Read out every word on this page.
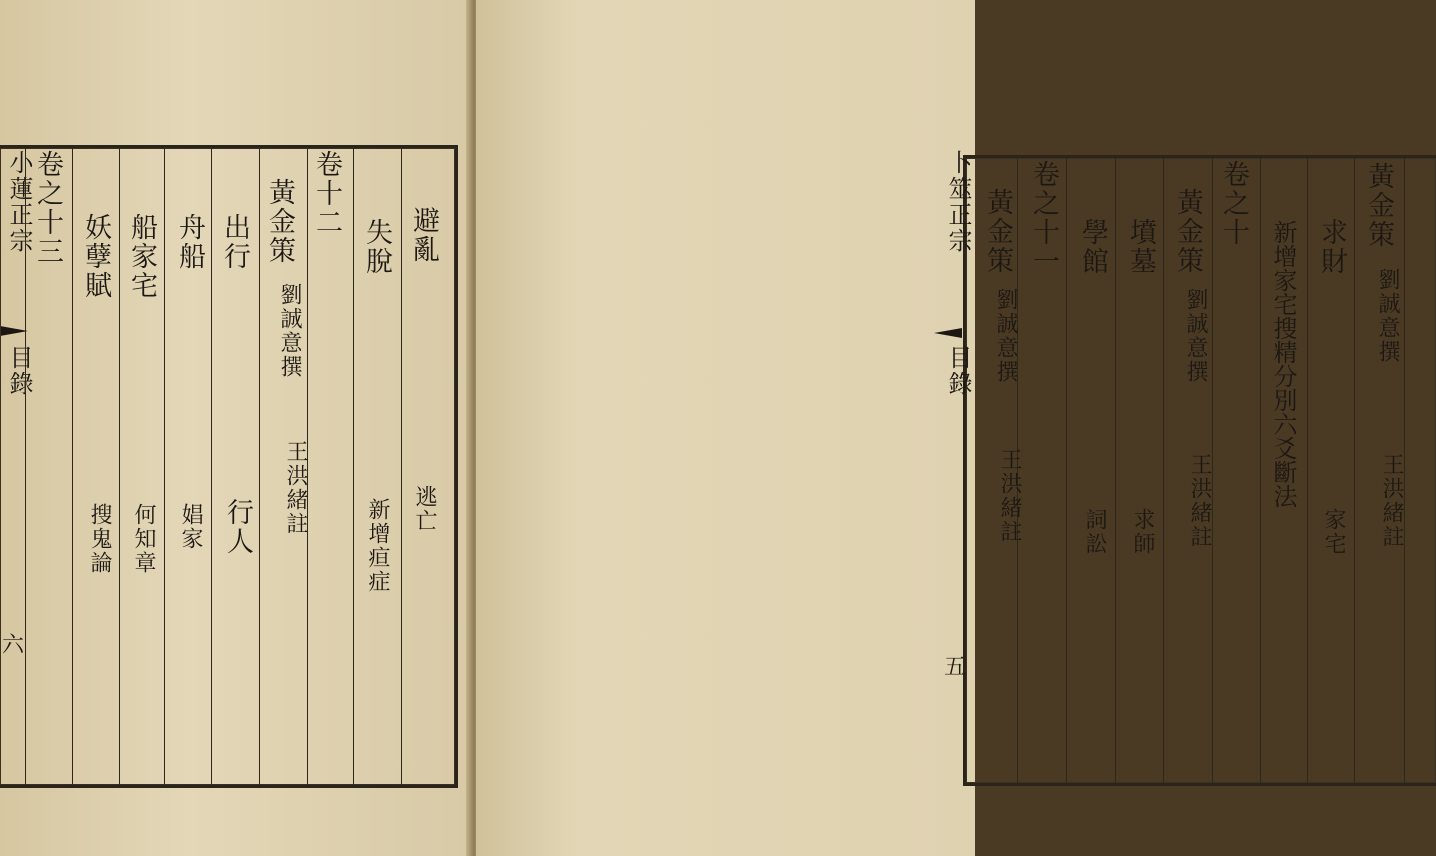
小蓮正宗
目錄
六
避亂
逃亡
失脫
新增疸症
卷十二
黃金策
劉誠意撰
王洪緒註
出行
行人
舟船
娼家
船家宅
何知章
妖孽賦
搜鬼論
卷之十三	黃金策
劉誠意撰
王洪緒註
求財
家宅
新增家宅搜精分別六爻斷法
卷之十
黃金策
劉誠意撰
王洪緒註
墳墓
求師
學館
詞訟
卷之十一
黃金策
劉誠意撰
王洪緒註
卜筮正宗
目錄
五
